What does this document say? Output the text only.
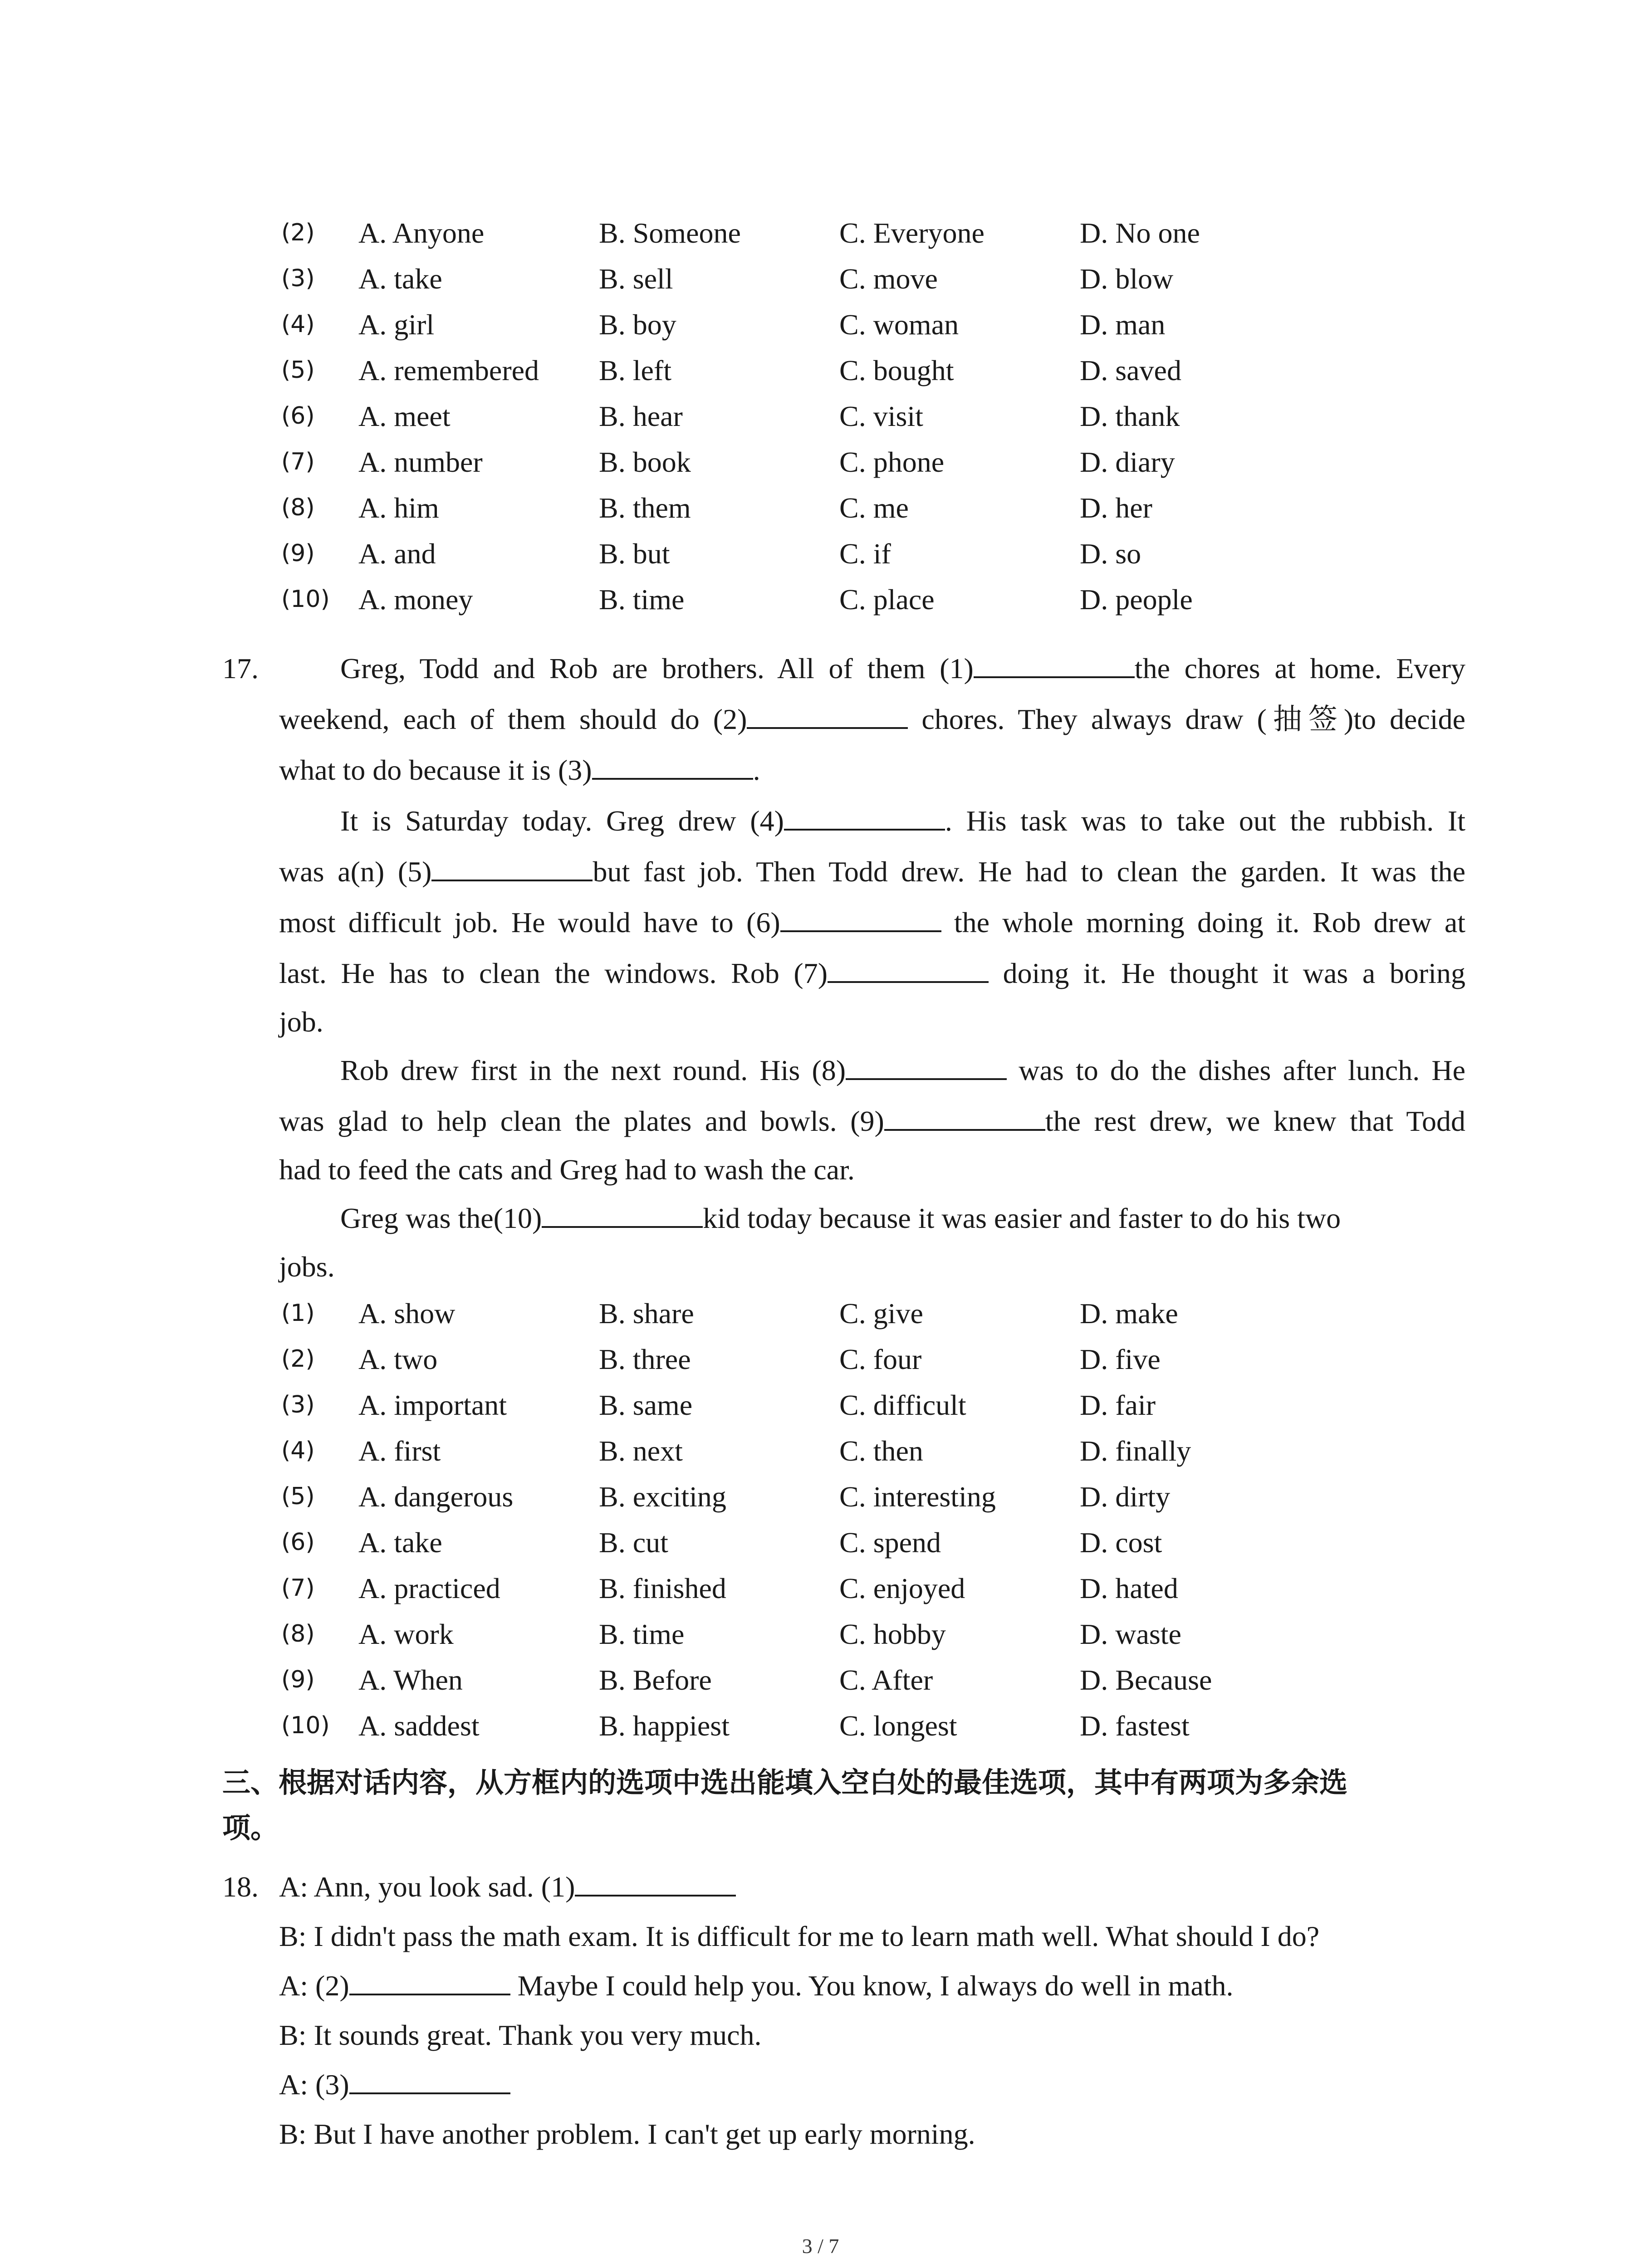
(2)	A. Anyone	B. Someone	C. Everyone	D. No one
(3)	A. take	B. sell	C. move	D. blow
(4)	A. girl	B. boy	C. woman	D. man
(5)	A. remembered	B. left	C. bought	D. saved
(6)	A. meet	B. hear	C. visit	D. thank
(7)	A. number	B. book	C. phone	D. diary
(8)	A. him	B. them	C. me	D. her
(9)	A. and	B. but	C. if	D. so
(10)	A. money	B. time	C. place	D. people
17.	Greg, Todd and Rob are brothers. All of them (1)	the chores at home. Every
weekend, each of them should do (2)	chores. They always draw (抽签)to decide
what to do because it is (3)	.
It is Saturday today. Greg drew (4)	. His task was to take out the rubbish. It
was a(n) (5)	but fast job. Then Todd drew. He had to clean the garden. It was the
most difficult job. He would have to (6)	the whole morning doing it. Rob drew at
last. He has to clean the windows. Rob (7)	doing it. He thought it was a boring
job.
Rob drew first in the next round. His (8)	was to do the dishes after lunch. He
was glad to help clean the plates and bowls. (9)	the rest drew, we knew that Todd
had to feed the cats and Greg had to wash the car.
Greg was the(10)	kid today because it was easier and faster to do his two
jobs.
(1)	A. show	B. share	C. give	D. make
(2)	A. two	B. three	C. four	D. five
(3)	A. important	B. same	C. difficult	D. fair
(4)	A. first	B. next	C. then	D. finally
(5)	A. dangerous	B. exciting	C. interesting	D. dirty
(6)	A. take	B. cut	C. spend	D. cost
(7)	A. practiced	B. finished	C. enjoyed	D. hated
(8)	A. work	B. time	C. hobby	D. waste
(9)	A. When	B. Before	C. After	D. Because
(10)	A. saddest	B. happiest	C. longest	D. fastest
三、根据对话内容，从方框内的选项中选出能填入空白处的最佳选项，其中有两项为多余选
项。
18. A: Ann, you look sad. (1)
B: I didn't pass the math exam. It is difficult for me to learn math well. What should I do?
A: (2)	Maybe I could help you. You know, I always do well in math.
B: It sounds great. Thank you very much.
A: (3)
B: But I have another problem. I can't get up early morning.
3 / 7
